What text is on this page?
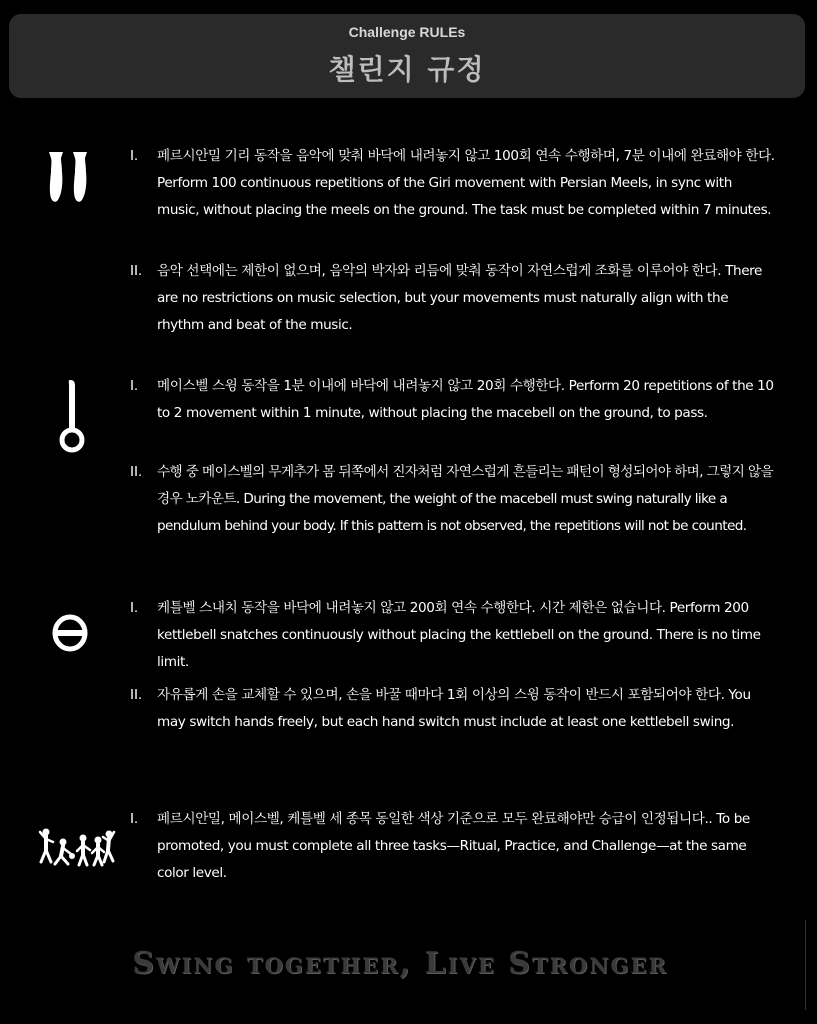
Challenge RULEs
챌린지 규정
I. 페르시안밀 기리 동작을 음악에 맞춰 바닥에 내려놓지 않고 100회 연속 수행하며, 7분 이내에 완료해야 한다. Perform 100 continuous repetitions of the Giri movement with Persian Meels, in sync with music, without placing the meels on the ground. The task must be completed within 7 minutes.
II. 음악 선택에는 제한이 없으며, 음악의 박자와 리듬에 맞춰 동작이 자연스럽게 조화를 이루어야 한다. There are no restrictions on music selection, but your movements must naturally align with the rhythm and beat of the music.
I. 메이스벨 스윙 동작을 1분 이내에 바닥에 내려놓지 않고 20회 수행한다. Perform 20 repetitions of the 10 to 2 movement within 1 minute, without placing the macebell on the ground, to pass.
II. 수행 중 메이스벨의 무게추가 몸 뒤쪽에서 진자처럼 자연스럽게 흔들리는 패턴이 형성되어야 하며, 그렇지 않을 경우 노카운트. During the movement, the weight of the macebell must swing naturally like a pendulum behind your body. If this pattern is not observed, the repetitions will not be counted.
I. 케틀벨 스내치 동작을 바닥에 내려놓지 않고 200회 연속 수행한다. 시간 제한은 없습니다. Perform 200 kettlebell snatches continuously without placing the kettlebell on the ground. There is no time limit.
II. 자유롭게 손을 교체할 수 있으며, 손을 바꿀 때마다 1회 이상의 스윙 동작이 반드시 포함되어야 한다. You may switch hands freely, but each hand switch must include at least one kettlebell swing.
I. 페르시안밀, 메이스벨, 케틀벨 세 종목 동일한 색상 기준으로 모두 완료해야만 승급이 인정됩니다.. To be promoted, you must complete all three tasks—Ritual, Practice, and Challenge—at the same color level.
Swing together, Live Stronger
